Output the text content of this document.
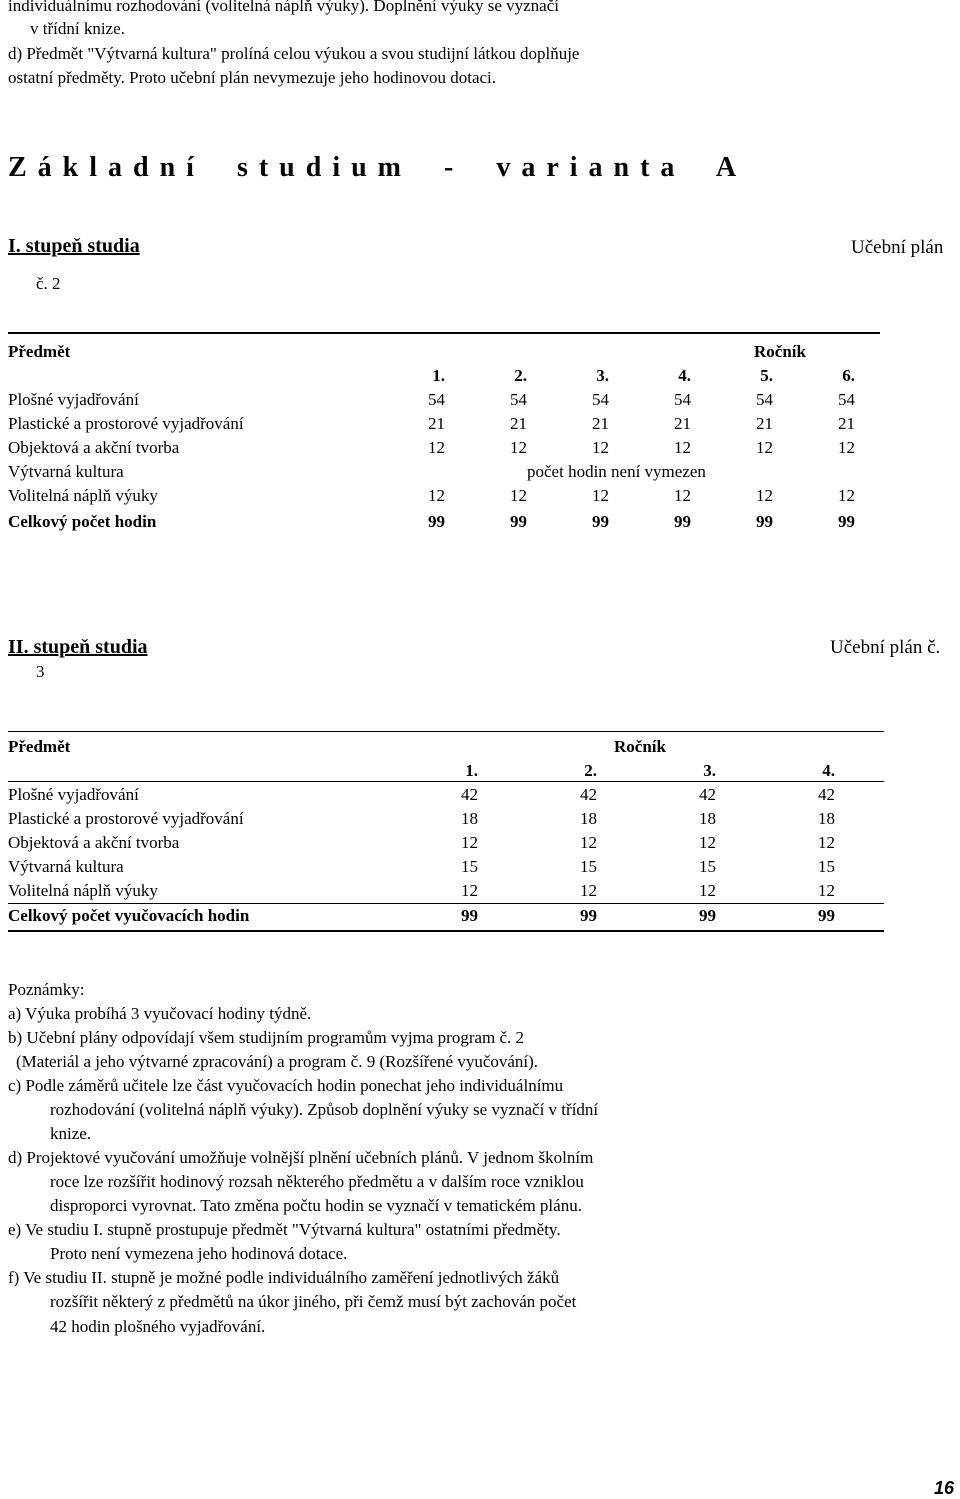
individuálnímu rozhodování (volitelná náplň výuky). Doplnění výuky se vyznačí
v třídní knize.
d) Předmět "Výtvarná kultura" prolíná celou výukou a svou studijní látkou doplňuje
ostatní předměty. Proto učební plán nevymezuje jeho hodinovou dotaci.
Základní studium - varianta A
I. stupeň studia	Učební plán
č. 2
Předmět	Ročník
1.	2.	3.	4.	5.	6.
Plošné vyjadřování	54	54	54	54	54	54
Plastické a prostorové vyjadřování	21	21	21	21	21	21
Objektová a akční tvorba	12	12	12	12	12	12
Výtvarná kultura	počet hodin není vymezen
Volitelná náplň výuky	12	12	12	12	12	12
Celkový počet hodin	99	99	99	99	99	99
II. stupeň studia	Učební plán č.
3
Předmět	Ročník
1.	2.	3.	4.
Plošné vyjadřování	42	42	42	42
Plastické a prostorové vyjadřování	18	18	18	18
Objektová a akční tvorba	12	12	12	12
Výtvarná kultura	15	15	15	15
Volitelná náplň výuky	12	12	12	12
Celkový počet vyučovacích hodin	99	99	99	99
Poznámky:
a) Výuka probíhá 3 vyučovací hodiny týdně.
b) Učební plány odpovídají všem studijním programům vyjma program č. 2
(Materiál a jeho výtvarné zpracování) a program č. 9 (Rozšířené vyučování).
c) Podle záměrů učitele lze část vyučovacích hodin ponechat jeho individuálnímu
rozhodování (volitelná náplň výuky). Způsob doplnění výuky se vyznačí v třídní
knize.
d) Projektové vyučování umožňuje volnější plnění učebních plánů. V jednom školním
roce lze rozšířit hodinový rozsah některého předmětu a v dalším roce vzniklou
disproporci vyrovnat. Tato změna počtu hodin se vyznačí v tematickém plánu.
e) Ve studiu I. stupně prostupuje předmět "Výtvarná kultura" ostatními předměty.
Proto není vymezena jeho hodinová dotace.
f) Ve studiu II. stupně je možné podle individuálního zaměření jednotlivých žáků
rozšířit některý z předmětů na úkor jiného, při čemž musí být zachován počet
42 hodin plošného vyjadřování.
16
